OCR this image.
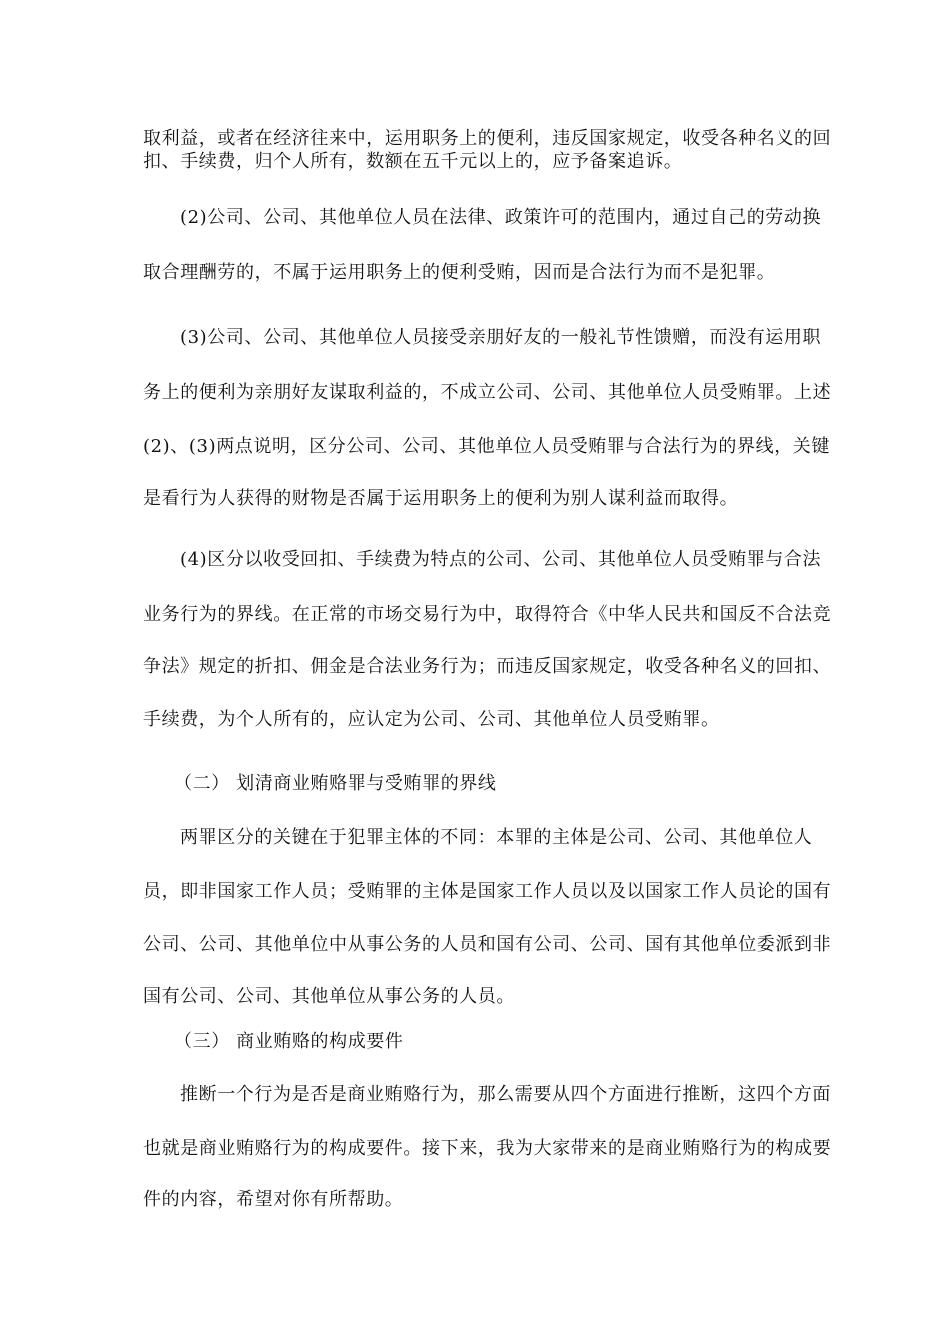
取利益，或者在经济往来中，运用职务上的便利，违反国家规定，收受各种名义的回
扣、手续费，归个人所有，数额在五千元以上的，应予备案追诉。
(2)公司、公司、其他单位人员在法律、政策许可的范围内，通过自己的劳动换
取合理酬劳的，不属于运用职务上的便利受贿，因而是合法行为而不是犯罪。
(3)公司、公司、其他单位人员接受亲朋好友的一般礼节性馈赠，而没有运用职
务上的便利为亲朋好友谋取利益的，不成立公司、公司、其他单位人员受贿罪。上述
(2)、(3)两点说明，区分公司、公司、其他单位人员受贿罪与合法行为的界线，关键
是看行为人获得的财物是否属于运用职务上的便利为别人谋利益而取得。
(4)区分以收受回扣、手续费为特点的公司、公司、其他单位人员受贿罪与合法
业务行为的界线。在正常的市场交易行为中，取得符合《中华人民共和国反不合法竞
争法》规定的折扣、佣金是合法业务行为；而违反国家规定，收受各种名义的回扣、
手续费，为个人所有的，应认定为公司、公司、其他单位人员受贿罪。
（二） 划清商业贿赂罪与受贿罪的界线
两罪区分的关键在于犯罪主体的不同：本罪的主体是公司、公司、其他单位人
员，即非国家工作人员；受贿罪的主体是国家工作人员以及以国家工作人员论的国有
公司、公司、其他单位中从事公务的人员和国有公司、公司、国有其他单位委派到非
国有公司、公司、其他单位从事公务的人员。
（三） 商业贿赂的构成要件
推断一个行为是否是商业贿赂行为，那么需要从四个方面进行推断，这四个方面
也就是商业贿赂行为的构成要件。接下来，我为大家带来的是商业贿赂行为的构成要
件的内容，希望对你有所帮助。
